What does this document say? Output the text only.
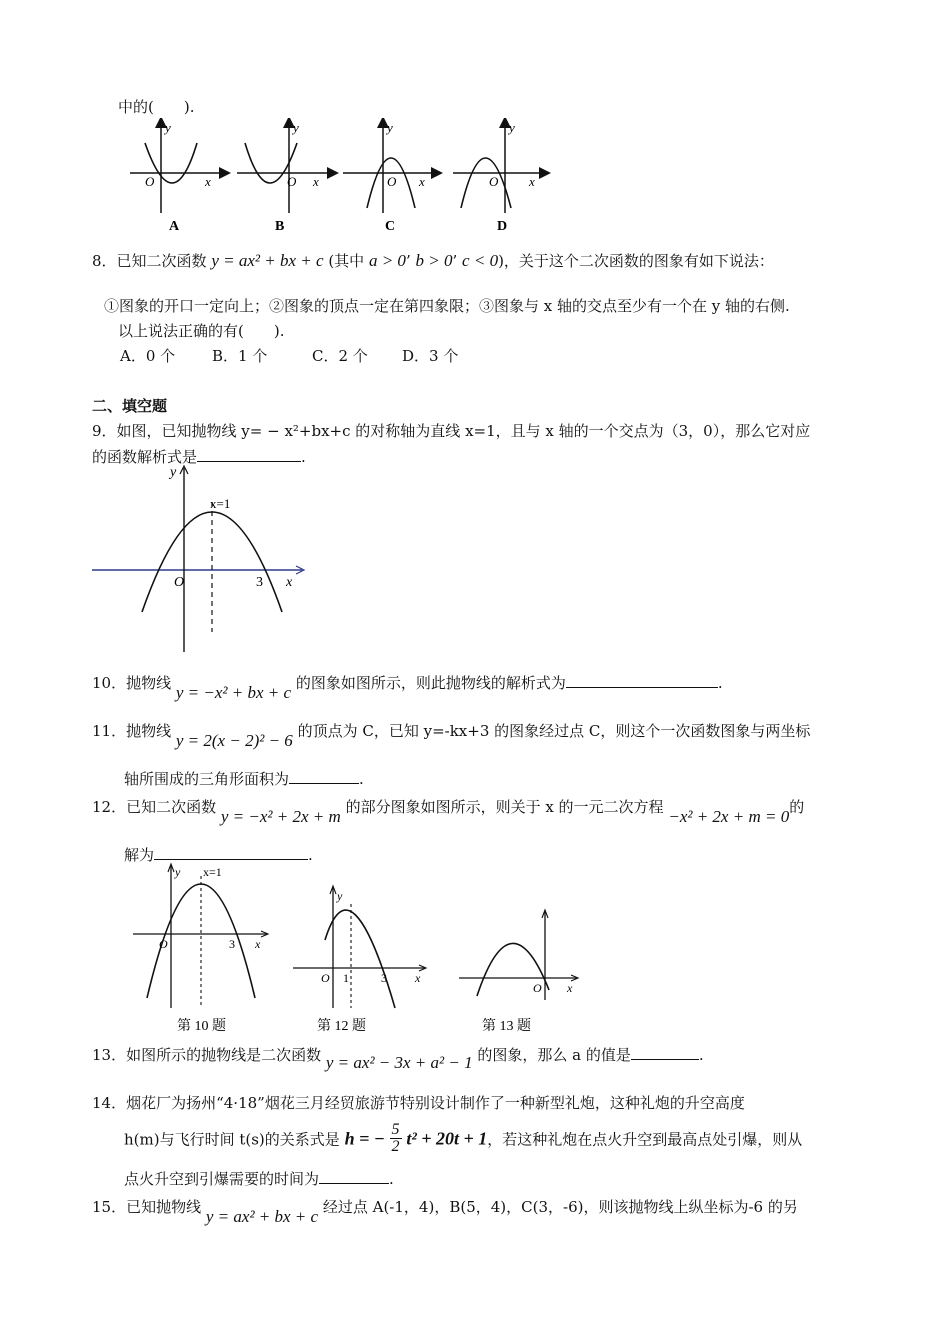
中的(　　).
y
O	x
A
y
O x
B
y
O x
C
y
O x
D
8．已知二次函数 y = ax² + bx + c (其中 a > 0’ b > 0’ c < 0)，关于这个二次函数的图象有如下说法：
①图象的开口一定向上；②图象的顶点一定在第四象限；③图象与 x 轴的交点至少有一个在 y 轴的右侧.
以上说法正确的有(　　).
A．0 个 B．1 个	C．2 个 D．3 个
二、填空题
9．如图，已知抛物线 y= − x²+bx+c 的对称轴为直线 x=1，且与 x 轴的一个交点为（3，0），那么它对应
的函数解析式是	.
y
O	3 x
x=1
10．抛物线 y = −x² + bx + c 的图象如图所示，则此抛物线的解析式为	.
11．抛物线 y = 2(x − 2)² − 6 的顶点为 C，已知 y=-kx+3 的图象经过点 C，则这个一次函数图象与两坐标
轴所围成的三角形面积为	.
12．已知二次函数 y = −x² + 2x + m 的部分图象如图所示，则关于 x 的一元二次方程 −x² + 2x + m = 0的
解为	.
y x=1
O	3 x
y
O 1	3 x
O x
第 10 题	第 12 题	第 13 题
13．如图所示的抛物线是二次函数 y = ax² − 3x + a² − 1 的图象，那么 a 的值是	.
14．烟花厂为扬州“4·18”烟花三月经贸旅游节特别设计制作了一种新型礼炮，这种礼炮的升空高度
h(m)与飞行时间 t(s)的关系式是 h = − $\frac{5}{2} t^2 + 20t + 1$，若这种礼炮在点火升空到最高点处引爆，则从
点火升空到引爆需要的时间为	.
15．已知抛物线 y = ax² + bx + c 经过点 A(-1，4)，B(5，4)，C(3，-6)，则该抛物线上纵坐标为-6 的另
